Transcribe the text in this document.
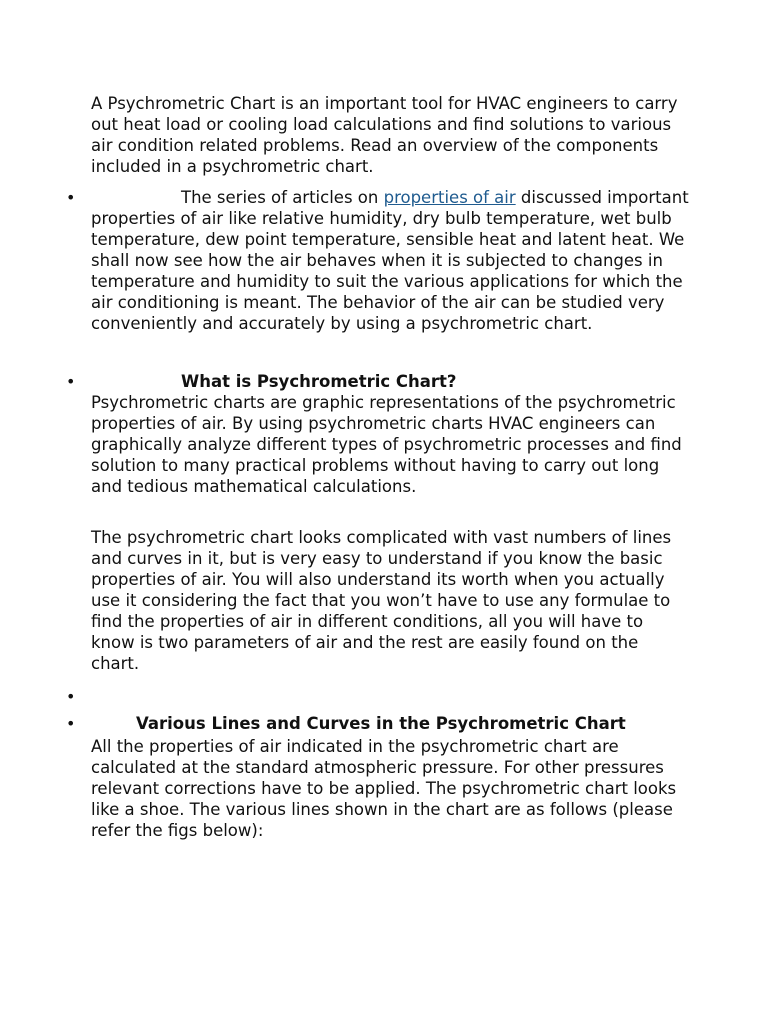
A Psychrometric Chart is an important tool for HVAC engineers to carry out heat load or cooling load calculations and find solutions to various air condition related problems. Read an overview of the components included in a psychrometric chart.

•	The series of articles on properties of air discussed important properties of air like relative humidity, dry bulb temperature, wet bulb temperature, dew point temperature, sensible heat and latent heat. We shall now see how the air behaves when it is subjected to changes in temperature and humidity to suit the various applications for which the air conditioning is meant. The behavior of the air can be studied very conveniently and accurately by using a psychrometric chart.

•	What is Psychrometric Chart?

Psychrometric charts are graphic representations of the psychrometric properties of air. By using psychrometric charts HVAC engineers can graphically analyze different types of psychrometric processes and find solution to many practical problems without having to carry out long and tedious mathematical calculations.

The psychrometric chart looks complicated with vast numbers of lines and curves in it, but is very easy to understand if you know the basic properties of air. You will also understand its worth when you actually use it considering the fact that you won’t have to use any formulae to find the properties of air in different conditions, all you will have to know is two parameters of air and the rest are easily found on the chart.

•
•	Various Lines and Curves in the Psychrometric Chart

All the properties of air indicated in the psychrometric chart are calculated at the standard atmospheric pressure. For other pressures relevant corrections have to be applied. The psychrometric chart looks like a shoe. The various lines shown in the chart are as follows (please refer the figs below):
